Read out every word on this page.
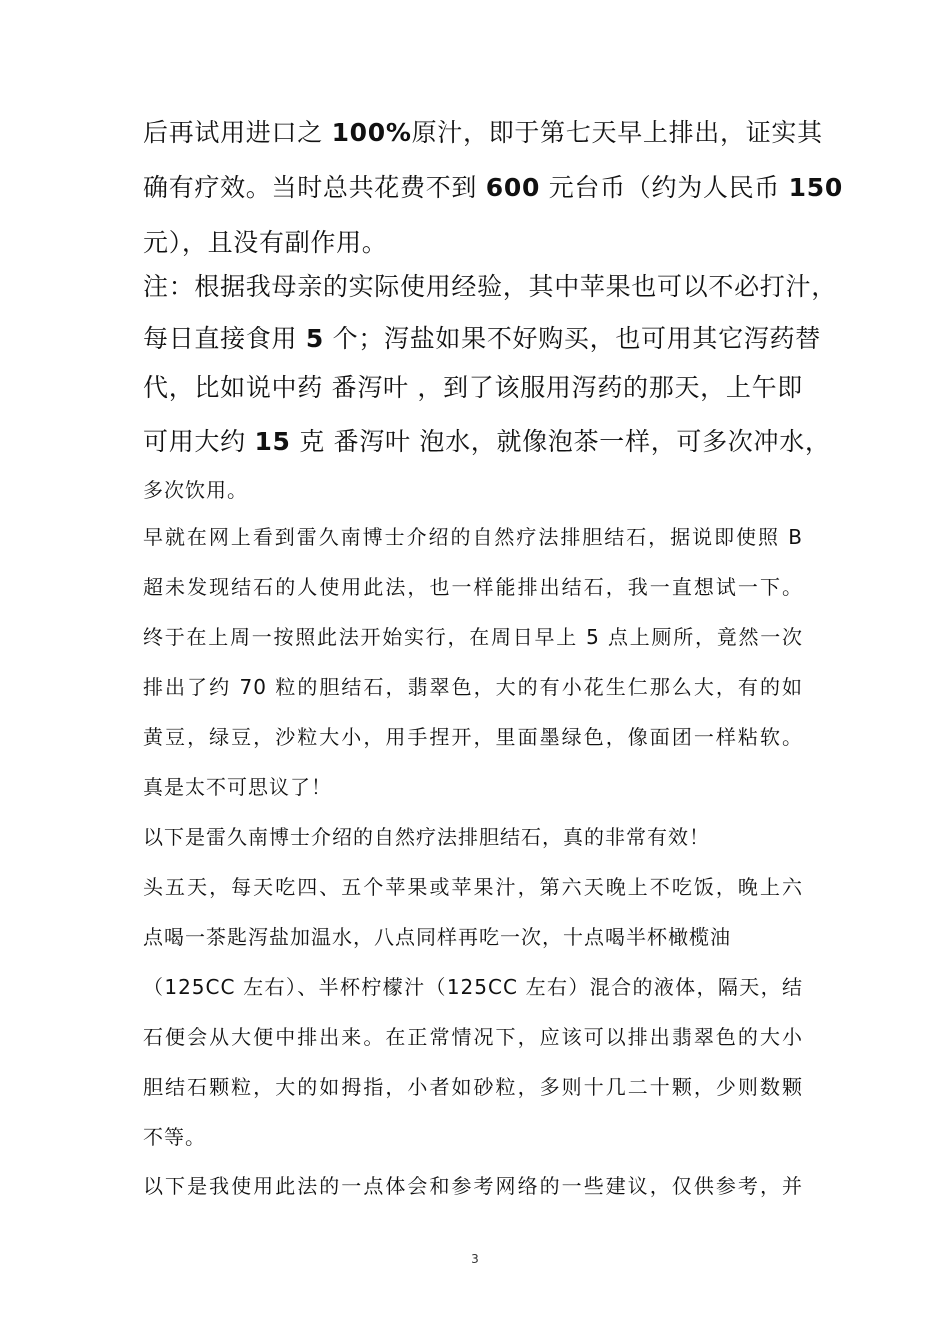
后再试用进口之 100%原汁，即于第七天早上排出，证实其
确有疗效。当时总共花费不到 600 元台币（约为人民币 150
元），且没有副作用。
注：根据我母亲的实际使用经验，其中苹果也可以不必打汁，
每日直接食用 5 个；泻盐如果不好购买，也可用其它泻药替
代，比如说中药 番泻叶 ，到了该服用泻药的那天，上午即
可用大约 15 克 番泻叶 泡水，就像泡茶一样，可多次冲水，
多次饮用。
早就在网上看到雷久南博士介绍的自然疗法排胆结石，据说即使照 B
超未发现结石的人使用此法，也一样能排出结石，我一直想试一下。
终于在上周一按照此法开始实行，在周日早上 5 点上厕所，竟然一次
排出了约 70 粒的胆结石，翡翠色，大的有小花生仁那么大，有的如
黄豆，绿豆，沙粒大小，用手捏开，里面墨绿色，像面团一样粘软。
真是太不可思议了！
以下是雷久南博士介绍的自然疗法排胆结石，真的非常有效！
头五天，每天吃四、五个苹果或苹果汁，第六天晚上不吃饭，晚上六
点喝一茶匙泻盐加温水，八点同样再吃一次，十点喝半杯橄榄油
（125CC 左右）、半杯柠檬汁（125CC 左右）混合的液体，隔天，结
石便会从大便中排出来。在正常情况下，应该可以排出翡翠色的大小
胆结石颗粒，大的如拇指，小者如砂粒，多则十几二十颗，少则数颗
不等。
以下是我使用此法的一点体会和参考网络的一些建议，仅供参考，并
3
